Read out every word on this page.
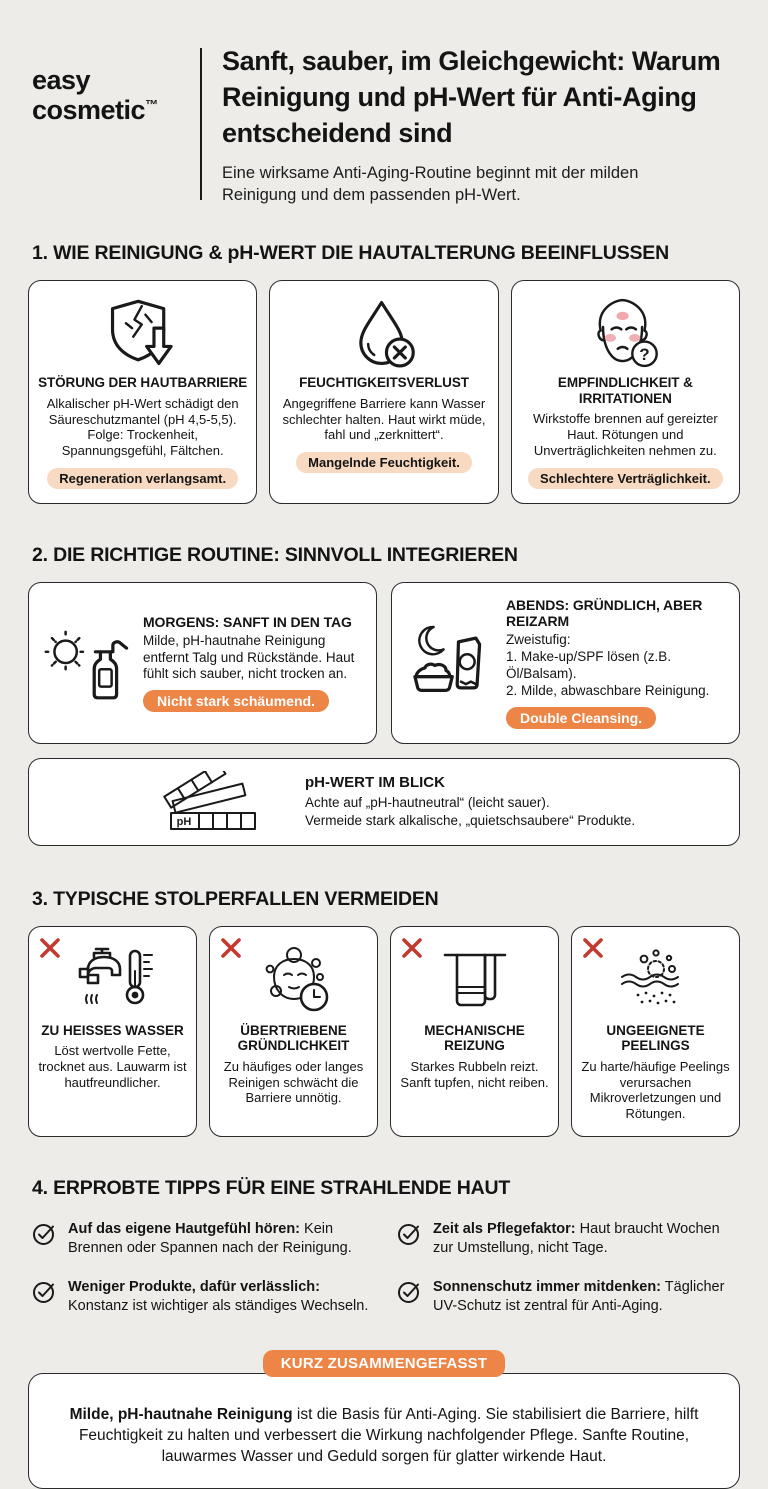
easy
cosmetic™
Sanft, sauber, im Gleichgewicht: Warum Reinigung und pH-Wert für Anti-Aging entscheidend sind
Eine wirksame Anti-Aging-Routine beginnt mit der milden Reinigung und dem passenden pH-Wert.
1. WIE REINIGUNG & pH-WERT DIE HAUTALTERUNG BEEINFLUSSEN
STÖRUNG DER HAUTBARRIERE
Alkalischer pH-Wert schädigt den Säureschutzmantel (pH 4,5-5,5). Folge: Trockenheit, Spannungsgefühl, Fältchen.
Regeneration verlangsamt.
FEUCHTIGKEITSVERLUST
Angegriffene Barriere kann Wasser schlechter halten. Haut wirkt müde, fahl und „zerknittert“.
Mangelnde Feuchtigkeit.
?
EMPFINDLICHKEIT & IRRITATIONEN
Wirkstoffe brennen auf gereizter Haut. Rötungen und Unverträglichkeiten nehmen zu.
Schlechtere Verträglichkeit.
2. DIE RICHTIGE ROUTINE: SINNVOLL INTEGRIEREN
MORGENS: SANFT IN DEN TAG
Milde, pH-hautnahe Reinigung entfernt Talg und Rückstände. Haut fühlt sich sauber, nicht trocken an.
Nicht stark schäumend.
ABENDS: GRÜNDLICH, ABER REIZARM
Zweistufig:
1. Make-up/SPF lösen (z.B. Öl/Balsam).
2. Milde, abwaschbare Reinigung.
Double Cleansing.
pH
pH-WERT IM BLICK
Achte auf „pH-hautneutral“ (leicht sauer).
Vermeide stark alkalische, „quietschsaubere“ Produkte.
3. TYPISCHE STOLPERFALLEN VERMEIDEN
ZU HEISSES WASSER
Löst wertvolle Fette, trocknet aus. Lauwarm ist hautfreundlicher.
ÜBERTRIEBENE GRÜNDLICHKEIT
Zu häufiges oder langes Reinigen schwächt die Barriere unnötig.
MECHANISCHE REIZUNG
Starkes Rubbeln reizt. Sanft tupfen, nicht reiben.
UNGEEIGNETE PEELINGS
Zu harte/häufige Peelings verursachen Mikroverletzungen und Rötungen.
4. ERPROBTE TIPPS FÜR EINE STRAHLENDE HAUT
Auf das eigene Hautgefühl hören: Kein Brennen oder Spannen nach der Reinigung.
Zeit als Pflegefaktor: Haut braucht Wochen zur Umstellung, nicht Tage.
Weniger Produkte, dafür verlässlich: Konstanz ist wichtiger als ständiges Wechseln.
Sonnenschutz immer mitdenken: Täglicher UV-Schutz ist zentral für Anti-Aging.
KURZ ZUSAMMENGEFASST
Milde, pH-hautnahe Reinigung ist die Basis für Anti-Aging. Sie stabilisiert die Barriere, hilft Feuchtigkeit zu halten und verbessert die Wirkung nachfolgender Pflege. Sanfte Routine, lauwarmes Wasser und Geduld sorgen für glatter wirkende Haut.
